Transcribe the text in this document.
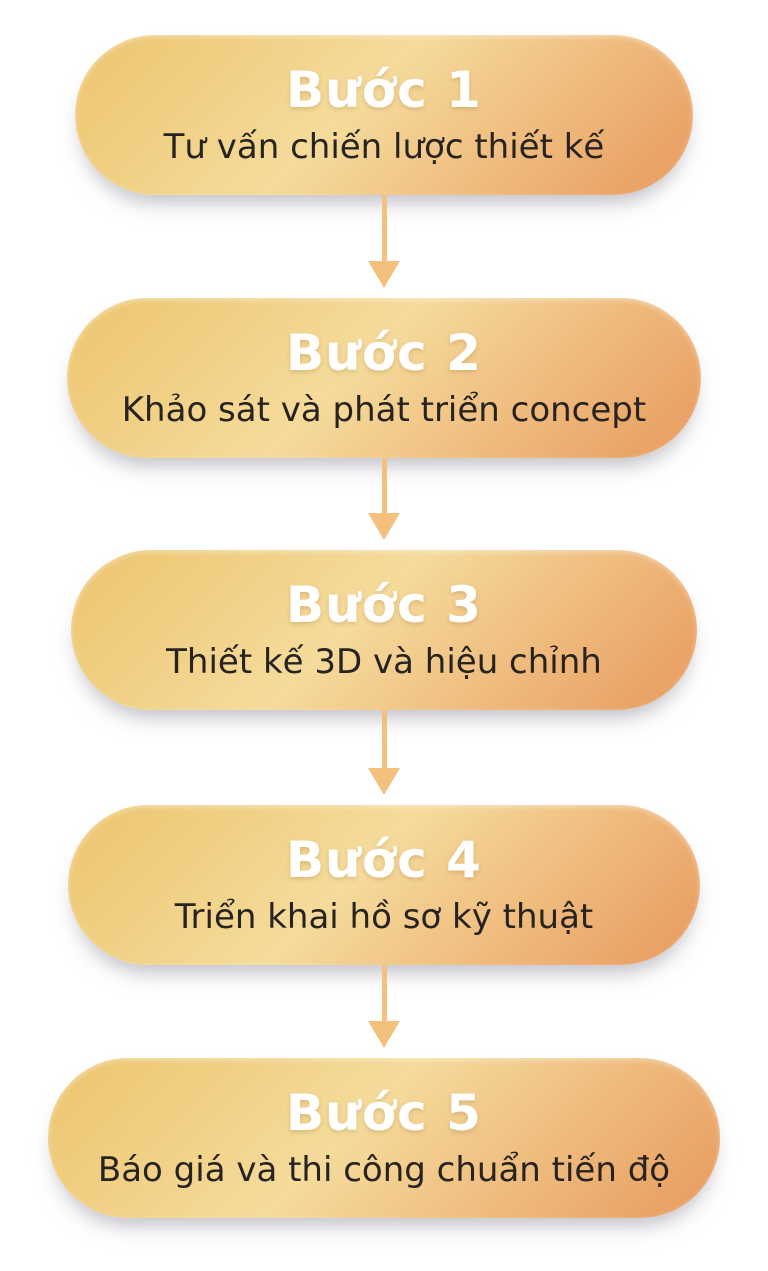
Bước 1

Tư vấn chiến lược thiết kế

Bước 2

Khảo sát và phát triển concept

Bước 3

Thiết kế 3D và hiệu chỉnh

Bước 4

Triển khai hồ sơ kỹ thuật

Bước 5

Báo giá và thi công chuẩn tiến độ
